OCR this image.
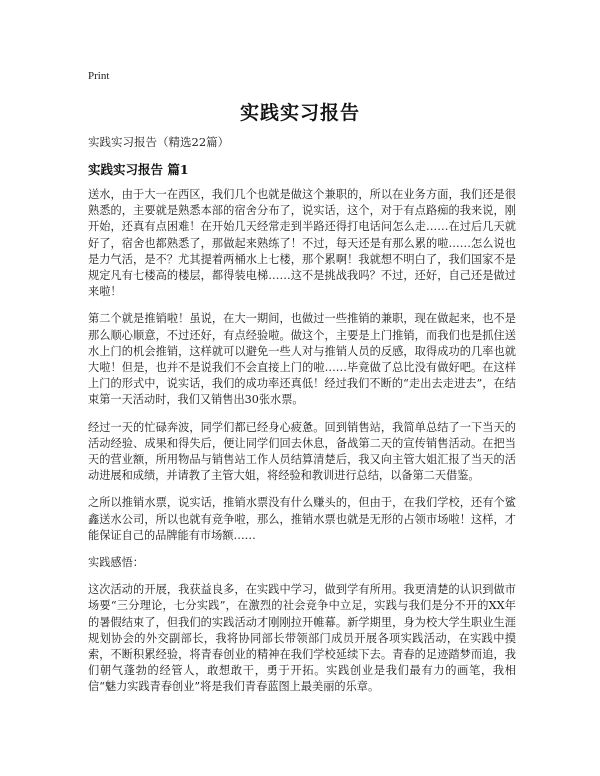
Print
实践实习报告
实践实习报告（精选22篇）
实践实习报告 篇1

送水，由于大一在西区，我们几个也就是做这个兼职的，所以在业务方面，我们还是很熟悉的，主要就是熟悉本部的宿舍分布了，说实话，这个，对于有点路痴的我来说，刚开始，还真有点困难！在开始几天经常走到半路还得打电话问怎么走……在过后几天就好了，宿舍也都熟悉了，那做起来熟练了！不过，每天还是有那么累的啦……怎么说也是力气活，是不？尤其提着两桶水上七楼，那个累啊！我就想不明白了，我们国家不是规定凡有七楼高的楼层，都得装电梯……这不是挑战我吗？不过，还好，自己还是做过来啦！

第二个就是推销啦！虽说，在大一期间，也做过一些推销的兼职，现在做起来，也不是那么顺心顺意，不过还好，有点经验啦。做这个，主要是上门推销，而我们也是抓住送水上门的机会推销，这样就可以避免一些人对与推销人员的反感，取得成功的几率也就大啦！但是，也并不是说我们不会直接上门的啦……毕竟做了总比没有做好吧。在这样上门的形式中，说实话，我们的成功率还真低！经过我们不断的“走出去走进去”，在结束第一天活动时，我们又销售出30张水票。

经过一天的忙碌奔波，同学们都已经身心疲惫。回到销售站，我简单总结了一下当天的活动经验、成果和得失后，便让同学们回去休息，备战第二天的宣传销售活动。在把当天的营业额，所用物品与销售站工作人员结算清楚后，我又向主管大姐汇报了当天的活动进展和成绩，并请教了主管大姐，将经验和教训进行总结，以备第二天借鉴。

之所以推销水票，说实话，推销水票没有什么赚头的，但由于，在我们学校，还有个鲨鑫送水公司，所以也就有竞争啦，那么，推销水票也就是无形的占领市场啦！这样，才能保证自己的品牌能有市场额……

实践感悟：

这次活动的开展，我获益良多，在实践中学习，做到学有所用。我更清楚的认识到做市场要“三分理论，七分实践”，在激烈的社会竞争中立足，实践与我们是分不开的XX年的暑假结束了，但我们的实践活动才刚刚拉开帷幕。新学期里，身为校大学生职业生涯规划协会的外交副部长，我将协同部长带领部门成员开展各项实践活动，在实践中摸索，不断积累经验，将青春创业的精神在我们学校延续下去。青春的足迹踏梦而追，我们朝气蓬勃的经管人，敢想敢干，勇于开拓。实践创业是我们最有力的画笔，我相信“魅力实践青春创业”将是我们青春蓝图上最美丽的乐章。
